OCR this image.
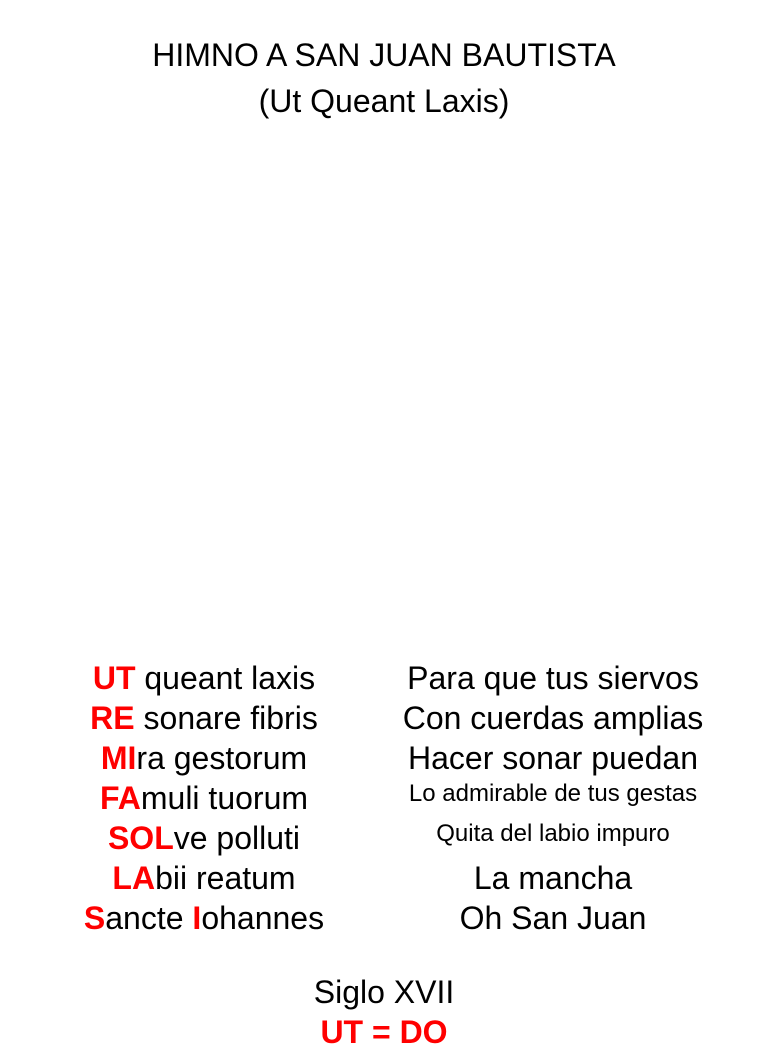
HIMNO A SAN JUAN BAUTISTA
(Ut Queant Laxis)
UT queant laxis
RE sonare fibris
MIra gestorum
FAmuli tuorum
SOLve polluti
LAbii reatum
Sancte Iohannes
Para que tus siervos
Con cuerdas amplias
Hacer sonar puedan
Lo admirable de tus gestas
Quita del labio impuro
La mancha
Oh San Juan
Siglo XVII
UT = DO
